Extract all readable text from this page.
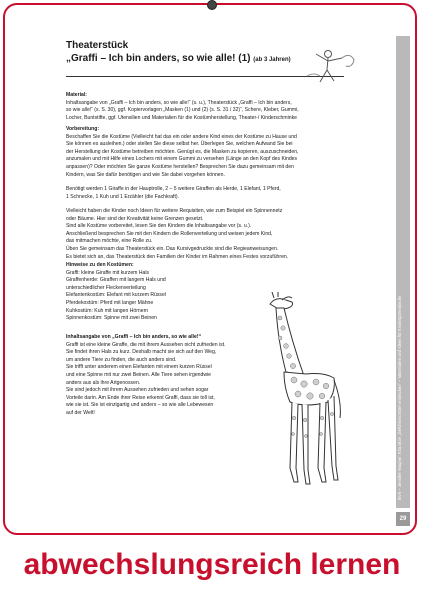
BVK – Jennifer Wagner: Kita aktiv „Gefühlsmonster entdecken“ – Materialien und Ideen für Kindergartenkinder
29

Theaterstück

„Graffi – Ich bin anders, so wie alle! (1) (ab 3 Jahren)

Material:

Inhaltsangabe von „Graffi – Ich bin anders, so wie alle!“ (s. u.), Theaterstück „Graffi – Ich bin anders,

so wie alle!“ (s. S. 30), ggf. Kopiervorlagen „Masken (1) und (2) (s. S. 31 / 32)“, Schere, Kleber, Gummi,

Locher, Buntstifte, ggf. Utensilien und Materialien für die Kostümherstellung, Theater-/ Kinderschminke

Vorbereitung:

Beschaffen Sie die Kostüme (Vielleicht hat das ein oder andere Kind eines der Kostüme zu Hause und

Sie können es ausleihen.) oder stellen Sie diese selbst her. Überlegen Sie, welchen Aufwand Sie bei

der Herstellung der Kostüme betreiben möchten. Genügt es, die Masken zu kopieren, auszuschneiden,

anzumalen und mit Hilfe eines Lochers mit einem Gummi zu versehen (Länge an den Kopf des Kindes

anpassen)? Oder möchten Sie ganze Kostüme herstellen? Besprechen Sie dazu gemeinsam mit den

Kindern, was Sie dafür benötigen und wie Sie dabei vorgehen können.

Benötigt werden 1 Giraffe in der Hauptrolle, 2 – 5 weitere Giraffen als Herde, 1 Elefant, 1 Pferd,

1 Schnecke, 1 Kuh und 1 Erzähler (die Fachkraft).

Vielleicht haben die Kinder noch Ideen für weitere Requisiten, wie zum Beispiel ein Spinnennetz

oder Bäume. Hier sind der Kreativität keine Grenzen gesetzt.

Sind alle Kostüme vorbereitet, lesen Sie den Kindern die Inhaltsangabe vor (s. u.).

Anschließend besprechen Sie mit den Kindern die Rollenverteilung und weisen jedem Kind,

das mitmachen möchte, eine Rolle zu.

Üben Sie gemeinsam das Theaterstück ein. Das Kursivgedruckte sind die Regieanweisungen.

Es bietet sich an, das Theaterstück den Familien der Kinder im Rahmen eines Festes vorzuführen.

Hinweise zu den Kostümen:

Graffi: kleine Giraffe mit kurzem Hals

Giraffenherde: Giraffen mit langem Hals und

unterschiedlicher Fleckenverteilung

Elefantenkostüm: Elefant mit kurzem Rüssel

Pferdekostüm: Pferd mit langer Mähne

Kuhkostüm: Kuh mit langen Hörnern

Spinnenkostüm: Spinne mit zwei Beinen

Inhaltsangabe von „Graffi – Ich bin anders, so wie alle!“

Graffi ist eine kleine Giraffe, die mit ihrem Aussehen nicht zufrieden ist.

Sie findet ihren Hals zu kurz. Deshalb macht sie sich auf den Weg,

um andere Tiere zu finden, die auch anders sind.

Sie trifft unter anderem einen Elefanten mit einem kurzen Rüssel

und eine Spinne mit nur zwei Beinen. Alle Tiere sehen irgendwie

anders aus als ihre Artgenossen.

Sie sind jedoch mit ihrem Aussehen zufrieden und sehen sogar

Vorteile darin. Am Ende ihrer Reise erkennt Graffi, dass sie toll ist,

wie sie ist. Sie ist einzigartig und anders – so wie alle Lebewesen

auf der Welt!

abwechslungsreich lernen
